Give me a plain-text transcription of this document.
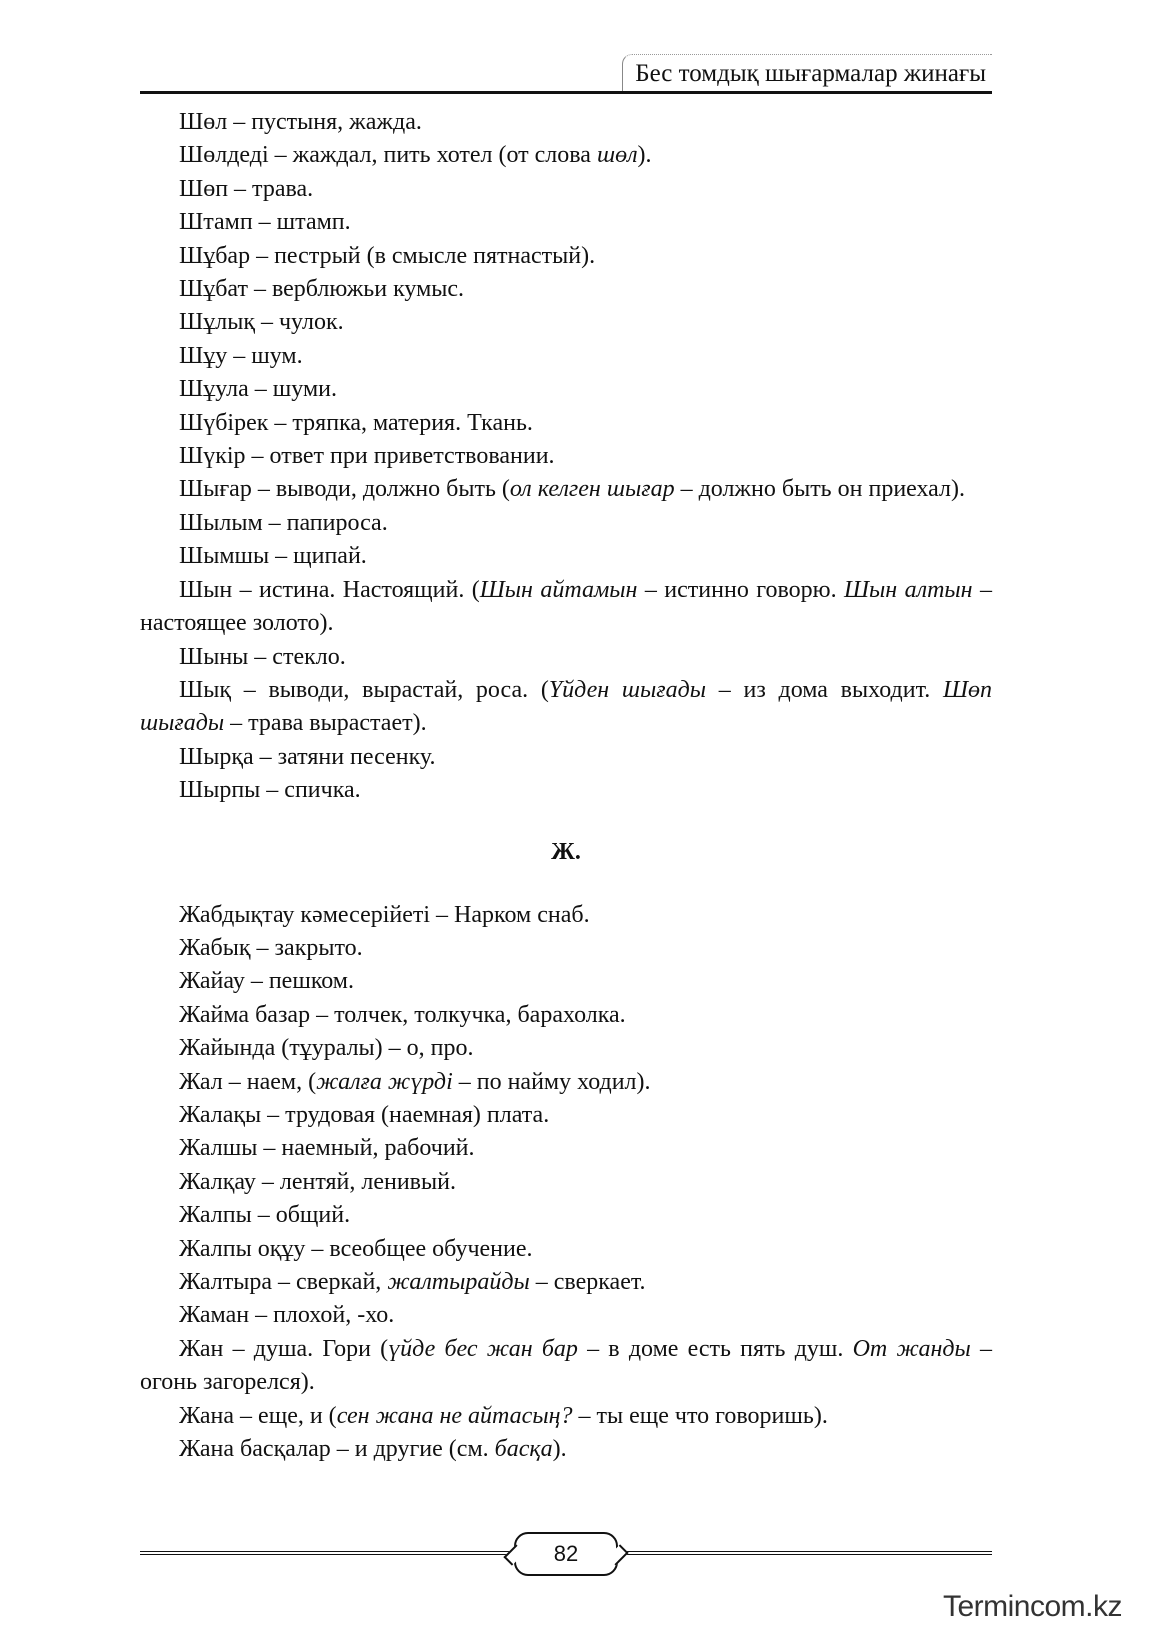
Бес томдық шығармалар жинағы

Шөл – пустыня, жажда.

Шөлдеді – жаждал, пить хотел (от слова шөл).

Шөп – трава.

Штамп – штамп.

Шұбар – пестрый (в смысле пятнастый).

Шұбат – верблюжьи кумыс.

Шұлық – чулок.

Шұу – шум.

Шұула – шуми.

Шүбірек – тряпка, материя. Ткань.

Шүкір – ответ при приветствовании.

Шығар – выводи, должно быть (ол келген шығар – должно быть он приехал).

Шылым – папироса.

Шымшы – щипай.

Шын – истина. Настоящий. (Шын айтамын – истинно говорю. Шын алтын – настоящее золото).

Шыны – стекло.

Шық – выводи, вырастай, роса. (Үйден шығады – из дома выходит. Шөп шығады – трава вырастает).

Шырқа – затяни песенку.

Шырпы – спичка.

Ж.

Жабдықтау кәмесерійеті – Нарком снаб.

Жабық – закрыто.

Жайау – пешком.

Жайма базар – толчек, толкучка, барахолка.

Жайында (тұуралы) – о, про.

Жал – наем, (жалға жүрді – по найму ходил).

Жалақы – трудовая (наемная) плата.

Жалшы – наемный, рабочий.

Жалқау – лентяй, ленивый.

Жалпы – общий.

Жалпы оқұу – всеобщее обучение.

Жалтыра – сверкай, жалтырайды – сверкает.

Жаман – плохой, -хо.

Жан – душа. Гори (үйде бес жан бар – в доме есть пять душ. От жанды – огонь загорелся).

Жана – еще, и (сен жана не айтасың? – ты еще что говоришь).

Жана басқалар – и другие (см. басқа).

82
Termincom.kz
